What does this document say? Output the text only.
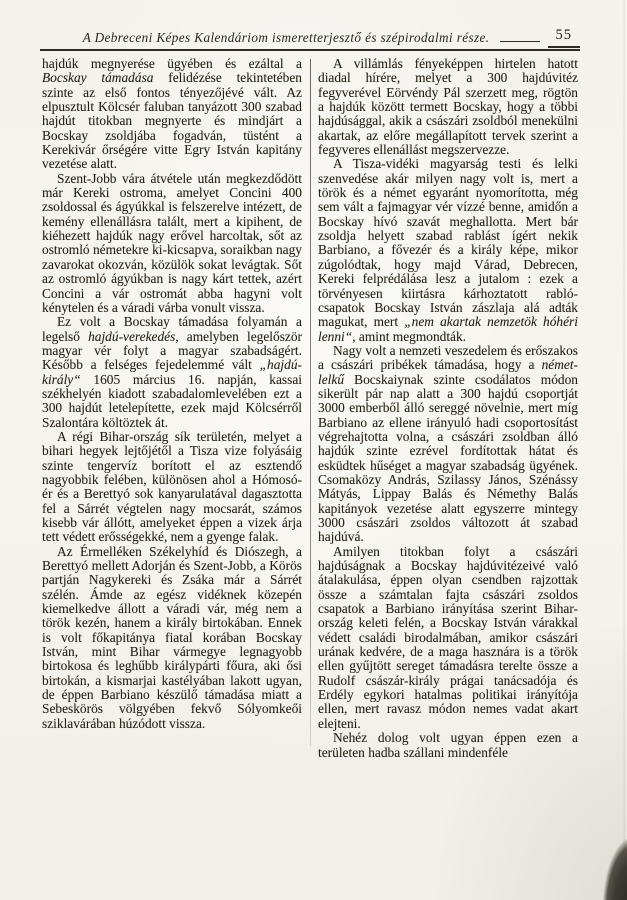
A Debreceni Képes Kalendáriom ismeretterjesztő és szépirodalmi része.	55

hajdúk megnyerése ügyében és ezáltal a Bocskay támadása felidézése tekintetében szinte az első fontos tényezőjévé vált. Az elpusztult Kölcsér faluban tanyázott 300 szabad hajdút titokban megnyerte és mindjárt a Bocskay zsoldjába fogadván, tüstént a Kerekivár őrségére vitte Egry István kapitány vezetése alatt.

Szent-Jobb vára átvétele után megkezdődött már Kereki ostroma, amelyet Concini 400 zsoldossal és ágyúkkal is felszerelve intézett, de kemény ellenállásra talált, mert a kipihent, de kiéhezett hajdúk nagy erővel harcoltak, sőt az ostromló németekre ki-kicsapva, soraikban nagy zavarokat okozván, közülök sokat levágtak. Sőt az ostromló ágyúkban is nagy kárt tettek, azért Concini a vár ostromát abba hagyni volt kénytelen és a váradi várba vonult vissza.

Ez volt a Bocskay támadása folyamán a legelső hajdú-verekedés, amelyben legelőször magyar vér folyt a magyar szabadságért. Később a felséges fejedelemmé vált „hajdú-király“ 1605 március 16. napján, kassai székhelyén kiadott szabadalomlevelében ezt a 300 hajdút letelepítette, ezek majd Kölcsérről Szalontára költöztek át.

A régi Bihar-ország sík területén, melyet a bihari hegyek lejtőjétől a Tisza vize folyásáig szinte tengervíz borított el az esztendő nagyobbik felében, különösen ahol a Hómosó-ér és a Berettyó sok kanyarulatával dagasztotta fel a Sárrét végtelen nagy mocsarát, számos kisebb vár állótt, amelyeket éppen a vizek árja tett védett erősségekké, nem a gyenge falak.

Az Érmelléken Székelyhíd és Diószegh, a Berettyó mellett Adorján és Szent-Jobb, a Körös partján Nagykereki és Zsáka már a Sárrét szélén. Ámde az egész vidéknek közepén kiemelkedve állott a váradi vár, még nem a török kezén, hanem a király birtokában. Ennek is volt főkapitánya fiatal korában Bocskay István, mint Bihar vármegye legnagyobb birtokosa és leghűbb királypárti főura, aki ősi birtokán, a kismarjai kastélyában lakott ugyan, de éppen Barbiano készülő támadása miatt a Sebeskörös völgyében fekvő Sólyomkeői sziklavárában húzódott vissza.

A villámlás fényeképpen hirtelen hatott diadal hírére, melyet a 300 hajdúvitéz fegyverével Eörvéndy Pál szerzett meg, rögtön a hajdúk között termett Bocskay, hogy a többi hajdúsággal, akik a császári zsoldból menekülni akartak, az előre megállapított tervek szerint a fegyveres ellenállást megszervezze.

A Tisza-vidéki magyarság testi és lelki szenvedése akár milyen nagy volt is, mert a török és a német egyaránt nyomorította, még sem vált a fajmagyar vér vízzé benne, amidőn a Bocskay hívó szavát meghallotta. Mert bár zsoldja helyett szabad rablást ígért nekik Barbiano, a fővezér és a király képe, mikor zúgolódtak, hogy majd Várad, Debrecen, Kereki felprédálása lesz a jutalom : ezek a törvényesen kiirtásra kárhoztatott rabló-csapatok Bocskay István zászlaja alá adták magukat, mert „nem akartak nemzetök hóhéri lenni“, amint megmondták.

Nagy volt a nemzeti veszedelem és erőszakos a császári pribékek támadása, hogy a német-lelkű Bocskaiynak szinte csodálatos módon sikerült pár nap alatt a 300 hajdú csoportját 3000 emberből álló sereggé növelnie, mert míg Barbiano az ellene irányuló hadi csoportosítást végrehajtotta volna, a császári zsoldban álló hajdúk szinte ezrével fordítottak hátat és esküdtek hűséget a magyar szabadság ügyének. Csomaközy András, Szilassy János, Szénássy Mátyás, Lippay Balás és Némethy Balás kapitányok vezetése alatt egyszerre mintegy 3000 császári zsoldos változott át szabad hajdúvá.

Amilyen titokban folyt a császári hajdúságnak a Bocskay hajdúvitézeivé való átalakulása, éppen olyan csendben rajzottak össze a számtalan fajta császári zsoldos csapatok a Barbiano irányítása szerint Bihar-ország keleti felén, a Bocskay István várakkal védett családi birodalmában, amikor császári urának kedvére, de a maga hasznára is a török ellen gyűjtött sereget támadásra terelte össze a Rudolf császár-király prágai tanácsadója és Erdély egykori hatalmas politikai irányítója ellen, mert ravasz módon nemes vadat akart elejteni.

Nehéz dolog volt ugyan éppen ezen a területen hadba szállani mindenféle
